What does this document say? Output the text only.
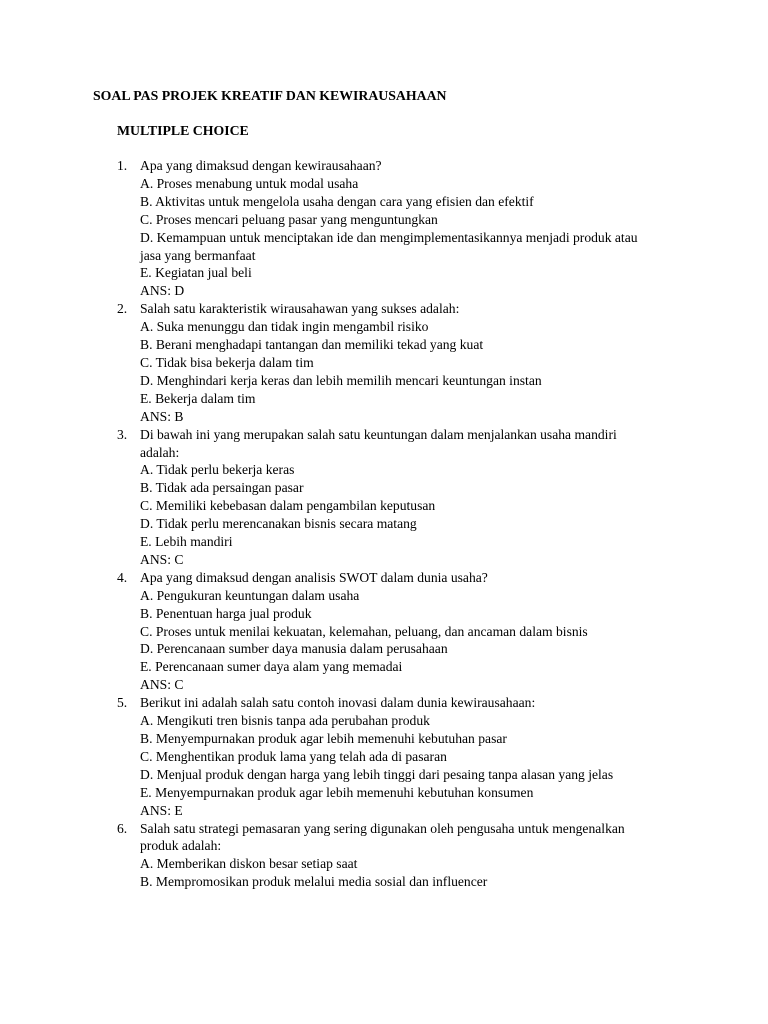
SOAL PAS PROJEK KREATIF DAN KEWIRAUSAHAAN
MULTIPLE CHOICE
1. Apa yang dimaksud dengan kewirausahaan?
A. Proses menabung untuk modal usaha
B. Aktivitas untuk mengelola usaha dengan cara yang efisien dan efektif
C. Proses mencari peluang pasar yang menguntungkan
D. Kemampuan untuk menciptakan ide dan mengimplementasikannya menjadi produk atau jasa yang bermanfaat
E. Kegiatan jual beli
ANS: D
2. Salah satu karakteristik wirausahawan yang sukses adalah:
A. Suka menunggu dan tidak ingin mengambil risiko
B. Berani menghadapi tantangan dan memiliki tekad yang kuat
C. Tidak bisa bekerja dalam tim
D. Menghindari kerja keras dan lebih memilih mencari keuntungan instan
E. Bekerja dalam tim
ANS: B
3. Di bawah ini yang merupakan salah satu keuntungan dalam menjalankan usaha mandiri adalah:
A. Tidak perlu bekerja keras
B. Tidak ada persaingan pasar
C. Memiliki kebebasan dalam pengambilan keputusan
D. Tidak perlu merencanakan bisnis secara matang
E. Lebih mandiri
ANS: C
4. Apa yang dimaksud dengan analisis SWOT dalam dunia usaha?
A. Pengukuran keuntungan dalam usaha
B. Penentuan harga jual produk
C. Proses untuk menilai kekuatan, kelemahan, peluang, dan ancaman dalam bisnis
D. Perencanaan sumber daya manusia dalam perusahaan
E. Perencanaan sumer daya alam yang memadai
ANS: C
5. Berikut ini adalah salah satu contoh inovasi dalam dunia kewirausahaan:
A. Mengikuti tren bisnis tanpa ada perubahan produk
B. Menyempurnakan produk agar lebih memenuhi kebutuhan pasar
C. Menghentikan produk lama yang telah ada di pasaran
D. Menjual produk dengan harga yang lebih tinggi dari pesaing tanpa alasan yang jelas
E. Menyempurnakan produk agar lebih memenuhi kebutuhan konsumen
ANS: E
6. Salah satu strategi pemasaran yang sering digunakan oleh pengusaha untuk mengenalkan produk adalah:
A. Memberikan diskon besar setiap saat
B. Mempromosikan produk melalui media sosial dan influencer
